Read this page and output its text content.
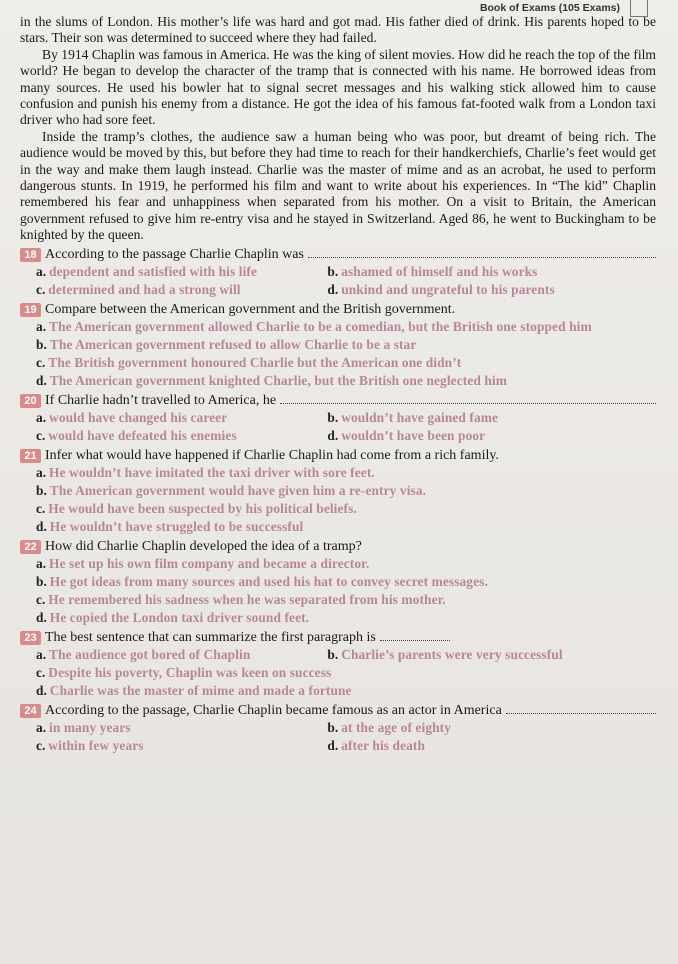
Book of Exams (105 Exams)

in the slums of London. His mother’s life was hard and got mad. His father died of drink. His parents hoped to be stars. Their son was determined to succeed where they had failed.

By 1914 Chaplin was famous in America. He was the king of silent movies. How did he reach the top of the film world? He began to develop the character of the tramp that is connected with his name. He borrowed ideas from many sources. He used his bowler hat to signal secret messages and his walking stick allowed him to cause confusion and punish his enemy from a distance. He got the idea of his famous fat-footed walk from a London taxi driver who had sore feet.

Inside the tramp’s clothes, the audience saw a human being who was poor, but dreamt of being rich. The audience would be moved by this, but before they had time to reach for their handkerchiefs, Charlie’s feet would get in the way and make them laugh instead. Charlie was the master of mime and as an acrobat, he used to perform dangerous stunts. In 1919, he performed his film and want to write about his experiences. In “The kid” Chaplin remembered his fear and unhappiness when separated from his mother. On a visit to Britain, the American government refused to give him re-entry visa and he stayed in Switzerland. Aged 86, he went to Buckingham to be knighted by the queen.

18 According to the passage Charlie Chaplin was
a. dependent and satisfied with his life	b. ashamed of himself and his works
c. determined and had a strong will	d. unkind and ungrateful to his parents
19 Compare between the American government and the British government.
a. The American government allowed Charlie to be a comedian, but the British one stopped him
b. The American government refused to allow Charlie to be a star
c. The British government honoured Charlie but the American one didn’t
d. The American government knighted Charlie, but the British one neglected him
20 If Charlie hadn’t travelled to America, he
a. would have changed his career	b. wouldn’t have gained fame
c. would have defeated his enemies	d. wouldn’t have been poor
21 Infer what would have happened if Charlie Chaplin had come from a rich family.
a. He wouldn’t have imitated the taxi driver with sore feet.
b. The American government would have given him a re-entry visa.
c. He would have been suspected by his political beliefs.
d. He wouldn’t have struggled to be successful
22 How did Charlie Chaplin developed the idea of a tramp?
a. He set up his own film company and became a director.
b. He got ideas from many sources and used his hat to convey secret messages.
c. He remembered his sadness when he was separated from his mother.
d. He copied the London taxi driver sound feet.
23 The best sentence that can summarize the first paragraph is
a. The audience got bored of Chaplin	b. Charlie’s parents were very successful
c. Despite his poverty, Chaplin was keen on success
d. Charlie was the master of mime and made a fortune
24 According to the passage, Charlie Chaplin became famous as an actor in America
a. in many years	b. at the age of eighty
c. within few years	d. after his death
